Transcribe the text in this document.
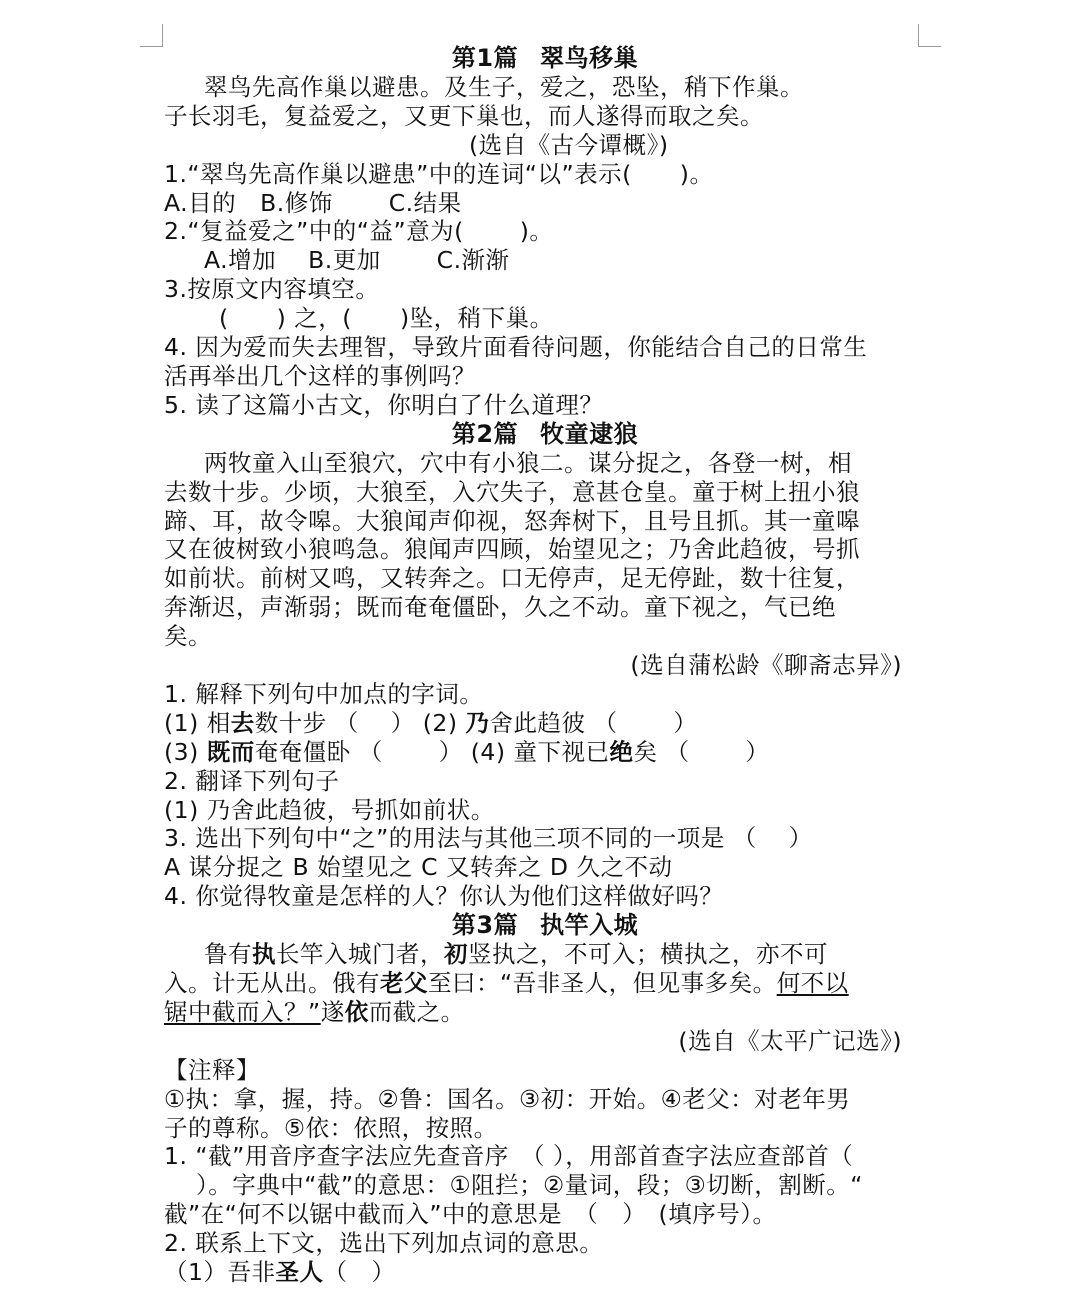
第1篇 翠鸟移巢
翠鸟先高作巢以避患。及生子，爱之，恐坠，稍下作巢。
子长羽毛，复益爱之，又更下巢也，而人遂得而取之矣。
(选自《古今谭概》)
1.“翠鸟先高作巢以避患”中的连词“以”表示(　　)。
A.目的　B.修饰　　 C.结果
2.“复益爱之”中的“益”意为(　　 )。
A.增加　 B.更加　　 C.渐渐
3.按原文内容填空。
(　　) 之，(　　)坠，稍下巢。
4. 因为爱而失去理智，导致片面看待问题，你能结合自己的日常生
活再举出几个这样的事例吗？
5. 读了这篇小古文，你明白了什么道理？
第2篇 牧童逮狼
两牧童入山至狼穴，穴中有小狼二。谋分捉之，各登一树，相
去数十步。少顷，大狼至，入穴失子，意甚仓皇。童于树上扭小狼
蹄、耳，故令嗥。大狼闻声仰视，怒奔树下，且号且抓。其一童嗥
又在彼树致小狼鸣急。狼闻声四顾，始望见之；乃舍此趋彼，号抓
如前状。前树又鸣，又转奔之。口无停声，足无停趾，数十往复，
奔渐迟，声渐弱；既而奄奄僵卧，久之不动。童下视之，气已绝
矣。
(选自蒲松龄《聊斋志异》)
1. 解释下列句中加点的字词。
(1) 相去数十步 （　 ） (2) 乃舍此趋彼 （　　 ）
(3) 既而奄奄僵卧 （　　 ） (4) 童下视已绝矣 （　　 ）
2. 翻译下列句子
(1) 乃舍此趋彼，号抓如前状。
3. 选出下列句中“之”的用法与其他三项不同的一项是 （　 ）
A 谋分捉之 B 始望见之 C 又转奔之 D 久之不动
4. 你觉得牧童是怎样的人？你认为他们这样做好吗？
第3篇 执竿入城
鲁有执长竿入城门者，初竖执之，不可入；横执之，亦不可
入。计无从出。俄有老父至曰：“吾非圣人，但见事多矣。何不以
锯中截而入？”遂依而截之。
(选自《太平广记选》)
【注释】
①执：拿，握，持。②鲁：国名。③初：开始。④老父：对老年男
子的尊称。⑤依：依照，按照。
1. “截”用音序查字法应先查音序　（ ），用部首查字法应查部首（
　 ）。字典中“截”的意思：①阻拦；②量词，段；③切断，割断。“
截”在“何不以锯中截而入”中的意思是　（　）　(填序号）。
2. 联系上下文，选出下列加点词的意思。
（1）吾非圣人（　）
